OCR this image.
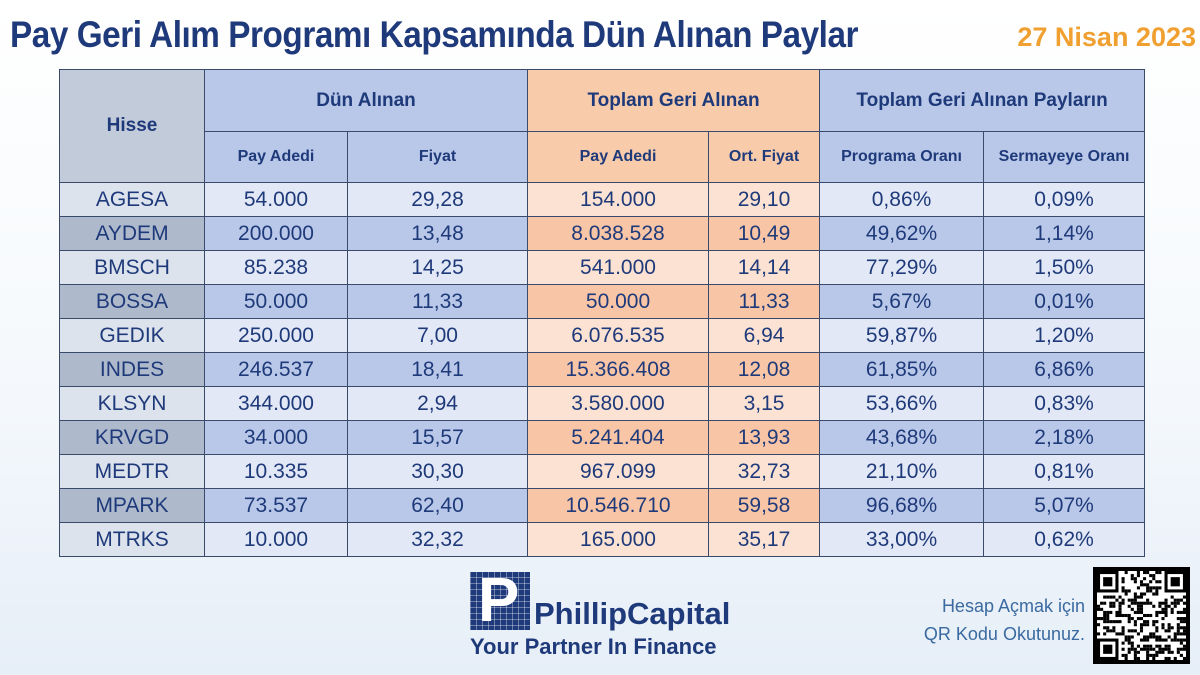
Pay Geri Alım Programı Kapsamında Dün Alınan Paylar	27 Nisan 2023
Hisse	Dün Alınan		Toplam Geri Alınan		Toplam Geri Alınan Payların	
	Pay Adedi	Fiyat	Pay Adedi	Ort. Fiyat	Programa Oranı	Sermayeye Oranı
AGESA	54.000	29,28	154.000	29,10	0,86%	0,09%
AYDEM	200.000	13,48	8.038.528	10,49	49,62%	1,14%
BMSCH	85.238	14,25	541.000	14,14	77,29%	1,50%
BOSSA	50.000	11,33	50.000	11,33	5,67%	0,01%
GEDIK	250.000	7,00	6.076.535	6,94	59,87%	1,20%
INDES	246.537	18,41	15.366.408	12,08	61,85%	6,86%
KLSYN	344.000	2,94	3.580.000	3,15	53,66%	0,83%
KRVGD	34.000	15,57	5.241.404	13,93	43,68%	2,18%
MEDTR	10.335	30,30	967.099	32,73	21,10%	0,81%
MPARK	73.537	62,40	10.546.710	59,58	96,68%	5,07%
MTRKS	10.000	32,32	165.000	35,17	33,00%	0,62%
P PhillipCapital
Your Partner In Finance
Hesap Açmak için
QR Kodu Okutunuz.
